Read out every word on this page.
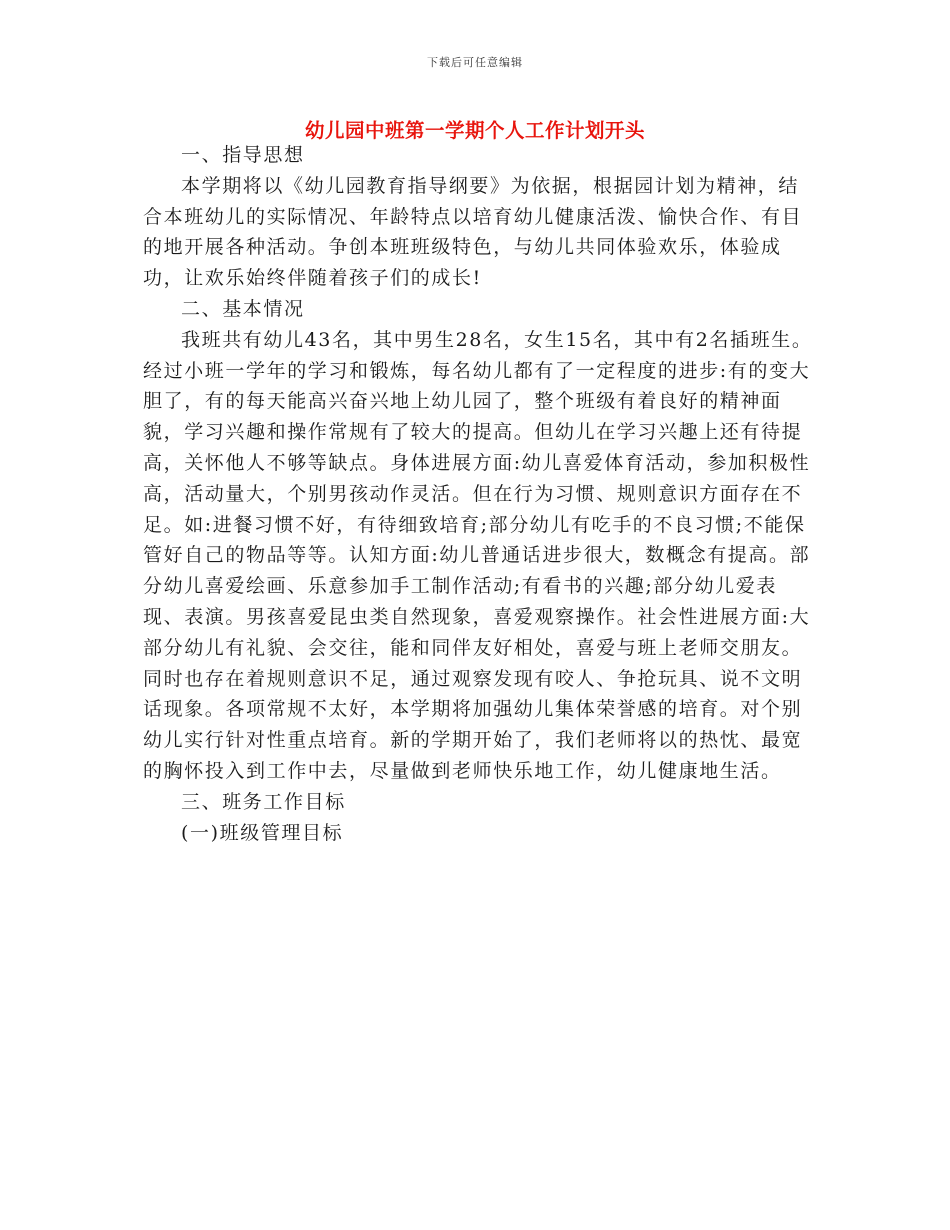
下载后可任意编辑
幼儿园中班第一学期个人工作计划开头

一、指导思想

本学期将以《幼儿园教育指导纲要》为依据，根据园计划为精神，结合本班幼儿的实际情况、年龄特点以培育幼儿健康活泼、愉快合作、有目的地开展各种活动。争创本班班级特色，与幼儿共同体验欢乐，体验成功，让欢乐始终伴随着孩子们的成长!

二、基本情况

我班共有幼儿43名，其中男生28名，女生15名，其中有2名插班生。经过小班一学年的学习和锻炼，每名幼儿都有了一定程度的进步:有的变大胆了，有的每天能高兴奋兴地上幼儿园了，整个班级有着良好的精神面貌，学习兴趣和操作常规有了较大的提高。但幼儿在学习兴趣上还有待提高，关怀他人不够等缺点。身体进展方面:幼儿喜爱体育活动，参加积极性高，活动量大，个别男孩动作灵活。但在行为习惯、规则意识方面存在不足。如:进餐习惯不好，有待细致培育;部分幼儿有吃手的不良习惯;不能保管好自己的物品等等。认知方面:幼儿普通话进步很大，数概念有提高。部分幼儿喜爱绘画、乐意参加手工制作活动;有看书的兴趣;部分幼儿爱表现、表演。男孩喜爱昆虫类自然现象，喜爱观察操作。社会性进展方面:大部分幼儿有礼貌、会交往，能和同伴友好相处，喜爱与班上老师交朋友。同时也存在着规则意识不足，通过观察发现有咬人、争抢玩具、说不文明话现象。各项常规不太好，本学期将加强幼儿集体荣誉感的培育。对个别幼儿实行针对性重点培育。新的学期开始了，我们老师将以的热忱、最宽的胸怀投入到工作中去，尽量做到老师快乐地工作，幼儿健康地生活。

三、班务工作目标

(一)班级管理目标
